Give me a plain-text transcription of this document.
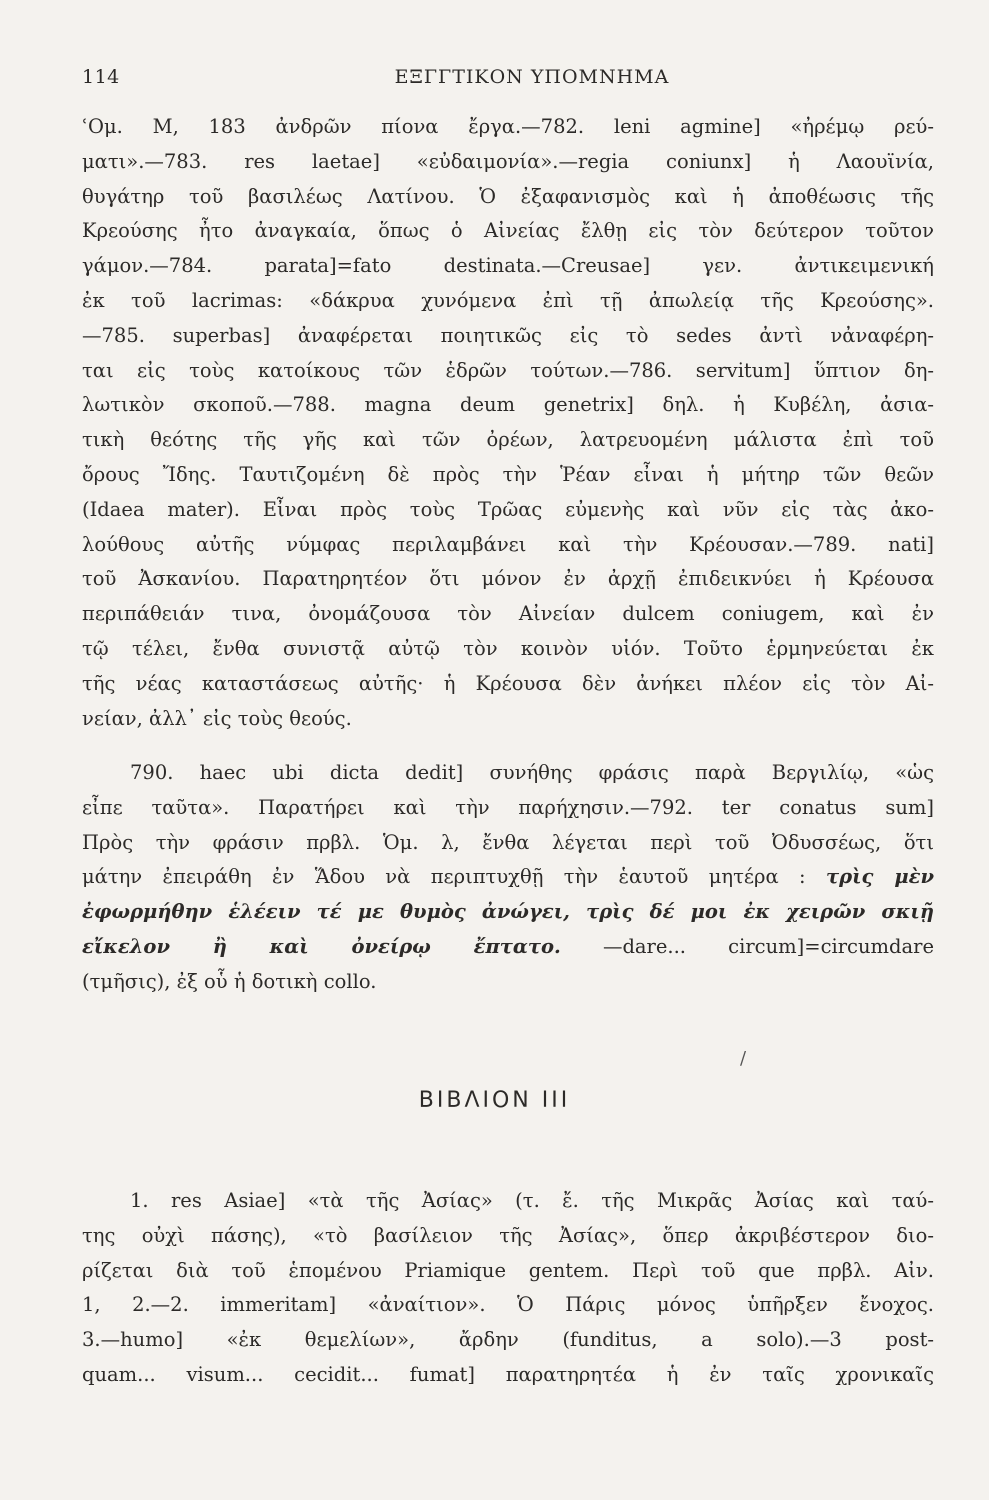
114	ΕΞΓΓΤΙΚΟΝ ΥΠΟΜΝΗΜΑ
ʿΟμ. Μ, 183 ἀνδρῶν πίονα ἔργα.—782. leni agmine] «ἠρέμῳ ρεύ-
ματι».—783. res laetae] «εὐδαιμονία».—regia coniunx] ἡ Λαουϊνία,
θυγάτηρ τοῦ βασιλέως Λατίνου. Ὁ ἐξαφανισμὸς καὶ ἡ ἀποθέωσις τῆς
Κρεούσης ἦτο ἀναγκαία, ὅπως ὁ Αἰνείας ἔλθῃ εἰς τὸν δεύτερον τοῦτον
γάμον.—784. parata]=fato destinata.—Creusae] γεν. ἀντικειμενική
ἐκ τοῦ lacrimas: «δάκρυα χυνόμενα ἐπὶ τῇ ἀπωλείᾳ τῆς Κρεούσης».
—785. superbas] ἀναφέρεται ποιητικῶς εἰς τὸ sedes ἀντὶ νἀναφέρη-
ται εἰς τοὺς κατοίκους τῶν ἑδρῶν τούτων.—786. servitum] ὕπτιον δη-
λωτικὸν σκοποῦ.—788. magna deum genetrix] δηλ. ἡ Κυβέλη, ἀσια-
τικὴ θεότης τῆς γῆς καὶ τῶν ὀρέων, λατρευομένη μάλιστα ἐπὶ τοῦ
ὄρους Ἴδης. Ταυτιζομένη δὲ πρὸς τὴν Ῥέαν εἶναι ἡ μήτηρ τῶν θεῶν
(Idaea mater). Εἶναι πρὸς τοὺς Τρῶας εὐμενὴς καὶ νῦν εἰς τὰς ἀκο-
λούθους αὐτῆς νύμφας περιλαμβάνει καὶ τὴν Κρέουσαν.—789. nati]
τοῦ Ἀσκανίου. Παρατηρητέον ὅτι μόνον ἐν ἀρχῇ ἐπιδεικνύει ἡ Κρέουσα
περιπάθειάν τινα, ὀνομάζουσα τὸν Αἰνείαν dulcem coniugem, καὶ ἐν
τῷ τέλει, ἔνθα συνιστᾷ αὐτῷ τὸν κοινὸν υἱόν. Τοῦτο ἑρμηνεύεται ἐκ
τῆς νέας καταστάσεως αὐτῆς· ἡ Κρέουσα δὲν ἀνήκει πλέον εἰς τὸν Αἰ-
νείαν, ἀλλ᾽ εἰς τοὺς θεούς.
790. haec ubi dicta dedit] συνήθης φράσις παρὰ Βεργιλίῳ, «ὡς
εἶπε ταῦτα». Παρατήρει καὶ τὴν παρήχησιν.—792. ter conatus sum]
Πρὸς τὴν φράσιν πρβλ. Ὁμ. λ, ἔνθα λέγεται περὶ τοῦ Ὀδυσσέως, ὅτι
μάτην ἐπειράθη ἐν Ἅδου νὰ περιπτυχθῇ τὴν ἑαυτοῦ μητέρα : τρὶς μὲν
ἐφωρμήθην ἑλέειν τέ με θυμὸς ἀνώγει, τρὶς δέ μοι ἐκ χειρῶν σκιῇ
εἴκελον ἢ καὶ ὀνείρῳ ἔπτατο. —dare... circum]=circumdare
(τμῆσις), ἐξ οὗ ἡ δοτικὴ collo.
/
ΒΙΒΛΙΟΝ ΙΙΙ
1. res Asiae] «τὰ τῆς Ἀσίας» (τ. ἔ. τῆς Μικρᾶς Ἀσίας καὶ ταύ-
της οὐχὶ πάσης), «τὸ βασίλειον τῆς Ἀσίας», ὅπερ ἀκριβέστερον διο-
ρίζεται διὰ τοῦ ἑπομένου Priamique gentem. Περὶ τοῦ que πρβλ. Αἰν.
1, 2.—2. immeritam] «ἀναίτιον». Ὁ Πάρις μόνος ὑπῆρξεν ἔνοχος.
3.—humo] «ἐκ θεμελίων», ἄρδην (funditus, a solo).—3 post-
quam... visum... cecidit... fumat] παρατηρητέα ἡ ἐν ταῖς χρονικαῖς
